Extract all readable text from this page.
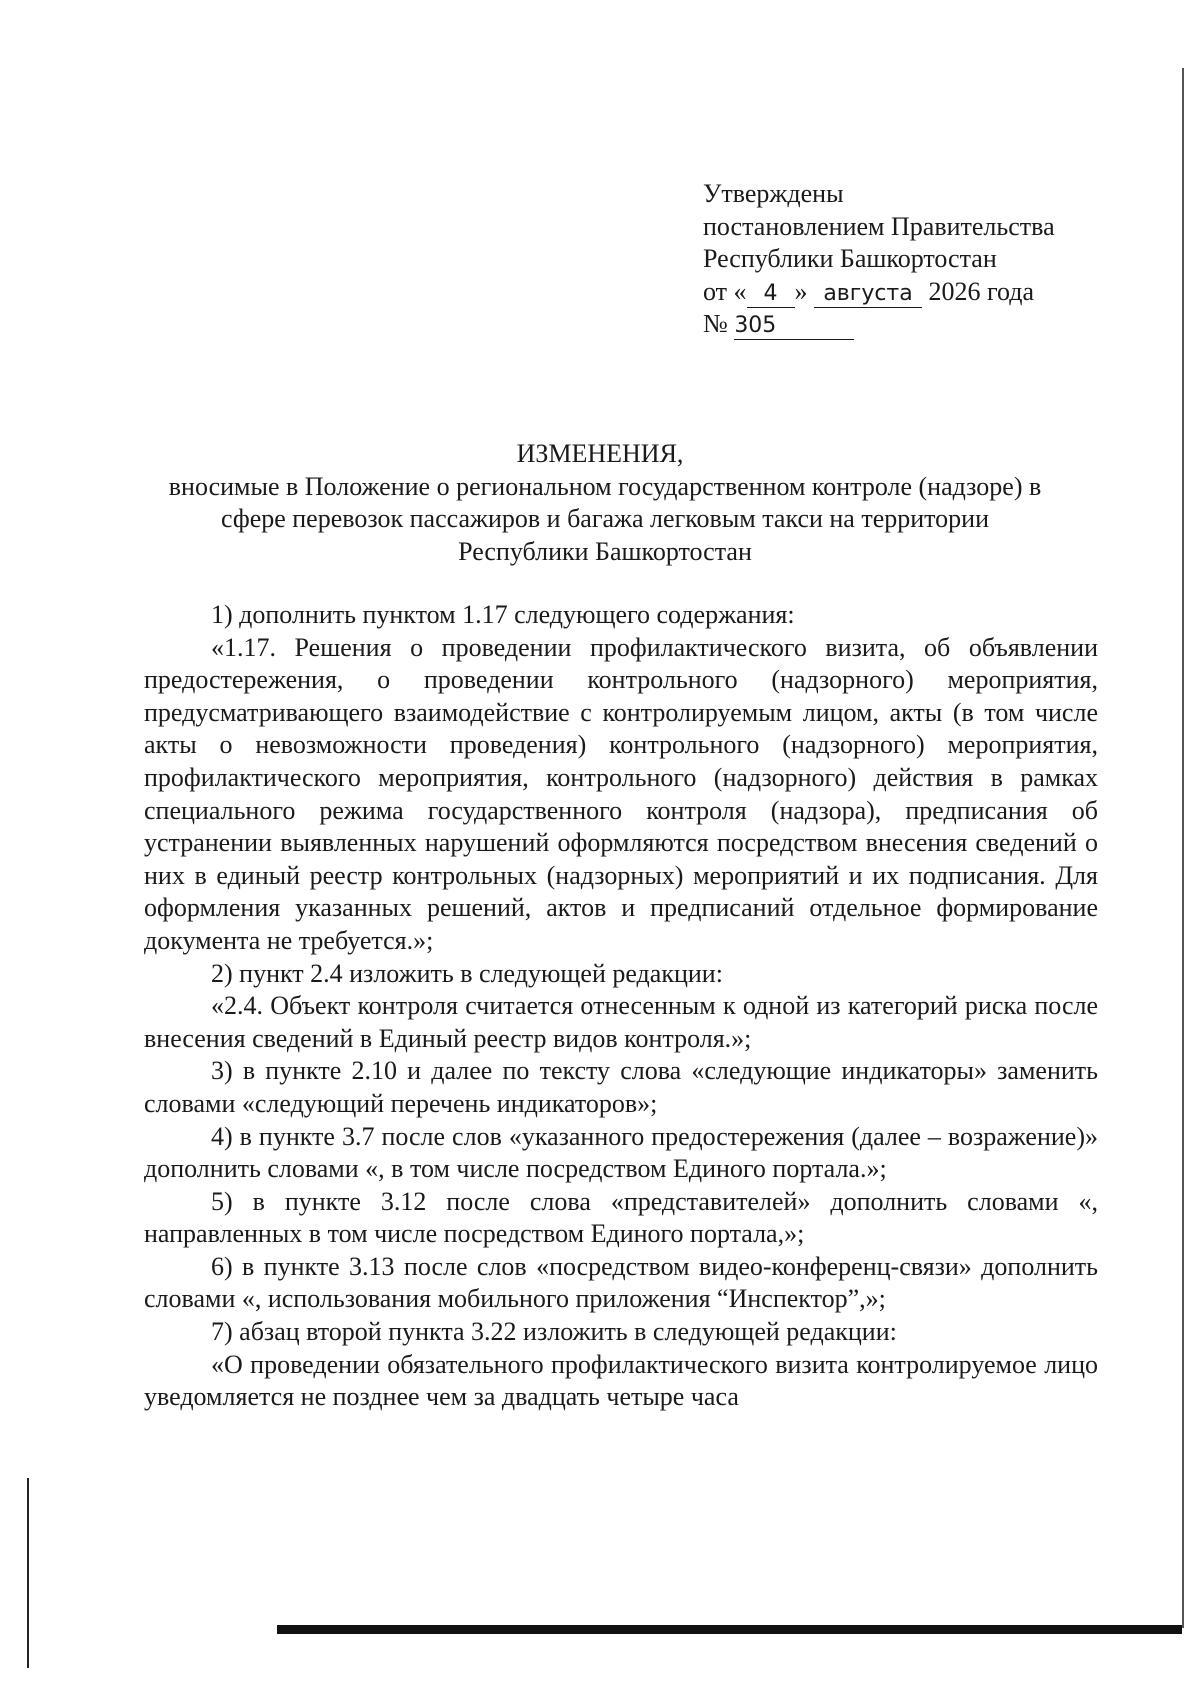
Утверждены
постановлением Правительства
Республики Башкортостан
от « 4 » августа 2026 года
№ 305
ИЗМЕНЕНИЯ,
вносимые в Положение о региональном государственном контроле (надзоре) в сфере перевозок пассажиров и багажа легковым такси на территории Республики Башкортостан

1) дополнить пунктом 1.17 следующего содержания:

«1.17. Решения о проведении профилактического визита, об объявлении предостережения, о проведении контрольного (надзорного) мероприятия, предусматривающего взаимодействие с контролируемым лицом, акты (в том числе акты о невозможности проведения) контрольного (надзорного) мероприятия, профилактического мероприятия, контрольного (надзорного) действия в рамках специального режима государственного контроля (надзора), предписания об устранении выявленных нарушений оформляются посредством внесения сведений о них в единый реестр контрольных (надзорных) мероприятий и их подписания. Для оформления указанных решений, актов и предписаний отдельное формирование документа не требуется.»;

2) пункт 2.4 изложить в следующей редакции:

«2.4. Объект контроля считается отнесенным к одной из категорий риска после внесения сведений в Единый реестр видов контроля.»;

3) в пункте 2.10 и далее по тексту слова «следующие индикаторы» заменить словами «следующий перечень индикаторов»;

4) в пункте 3.7 после слов «указанного предостережения (далее – возражение)» дополнить словами «, в том числе посредством Единого портала.»;

5) в пункте 3.12 после слова «представителей» дополнить словами «, направленных в том числе посредством Единого портала,»;

6) в пункте 3.13 после слов «посредством видео-конференц-связи» дополнить словами «, использования мобильного приложения “Инспектор”,»;

7) абзац второй пункта 3.22 изложить в следующей редакции:

«О проведении обязательного профилактического визита контролируемое лицо уведомляется не позднее чем за двадцать четыре часа
